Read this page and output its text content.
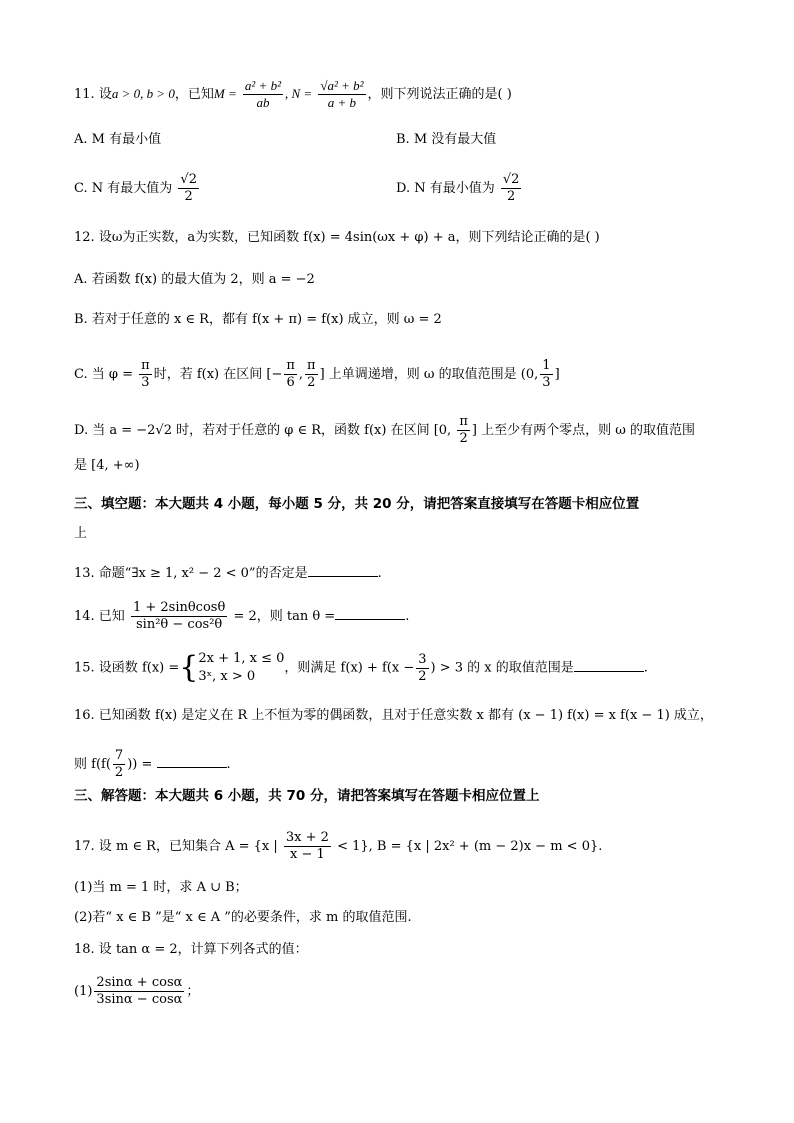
11. 设a > 0, b > 0，已知$M = \frac{\text{a² + b²}}{ab}$ , $N = \frac{\text{√a² + b²}}{a + b}$ ，则下列说法正确的是( )
A. M 有最小值	B. M 没有最大值
C. N 有最大值为 $\frac{√2}{2}$	D. N 有最小值为 $\frac{√2}{2}$
12. 设ω为正实数，a为实数，已知函数 f(x) = 4sin(ωx + φ) + a，则下列结论正确的是( )
A. 若函数 f(x) 的最大值为 2，则 a = −2
B. 若对于任意的 x ∈ R，都有 f(x + π) = f(x) 成立，则 ω = 2
C. 当 $\varphi = \frac{\pi}{3}$ 时，若 f(x) 在区间 [− $\frac{\pi}{6}$ , $\frac{\pi}{2}$ ] 上单调递增，则 ω 的取值范围是 (0, $\frac{1}{3}$ ]
D. 当 a = −2√2 时，若对于任意的 φ ∈ R，函数 f(x) 在区间 [0, $\frac{\pi}{2}$ ] 上至少有两个零点，则 ω 的取值范围
是 [4, +∞)
三、填空题：本大题共 4 小题，每小题 5 分，共 20 分，请把答案直接填写在答题卡相应位置
上
13. 命题“∃x ≥ 1, x² − 2 < 0”的否定是	.
14. 已知 $\frac{1 + 2\sin\theta\cos\theta}{\text{sin²θ − cos²θ}} = 2$，则 tan θ =	.
15. 设函数 f(x) ={ 2x + 1, x ≤ 0
3ˣ, x > 0
，则满足 $f(x) + f(x - \frac{3}{2}$ ) > 3 的 x 的取值范围是	.
16. 已知函数 f(x) 是定义在 R 上不恒为零的偶函数，且对于任意实数 x 都有 (x − 1) f(x) = x f(x − 1) 成立，
则 $f(f( \frac{7}{2}$ )) =	.
三、解答题：本大题共 6 小题，共 70 分，请把答案填写在答题卡相应位置上
17. 设 m ∈ R，已知集合 A = {x | $\frac{3x + 2}{x - 1} < 1$}, B = {x | 2x² + (m − 2)x − m < 0}.
(1)当 m = 1 时，求 A ∪ B；
(2)若“ x ∈ B ”是“ x ∈ A ”的必要条件，求 m 的取值范围.
18. 设 tan α = 2，计算下列各式的值：
$(1) \frac{2\sin\alpha + \cos\alpha}{3\sin\alpha - \cos\alpha}$ ；
